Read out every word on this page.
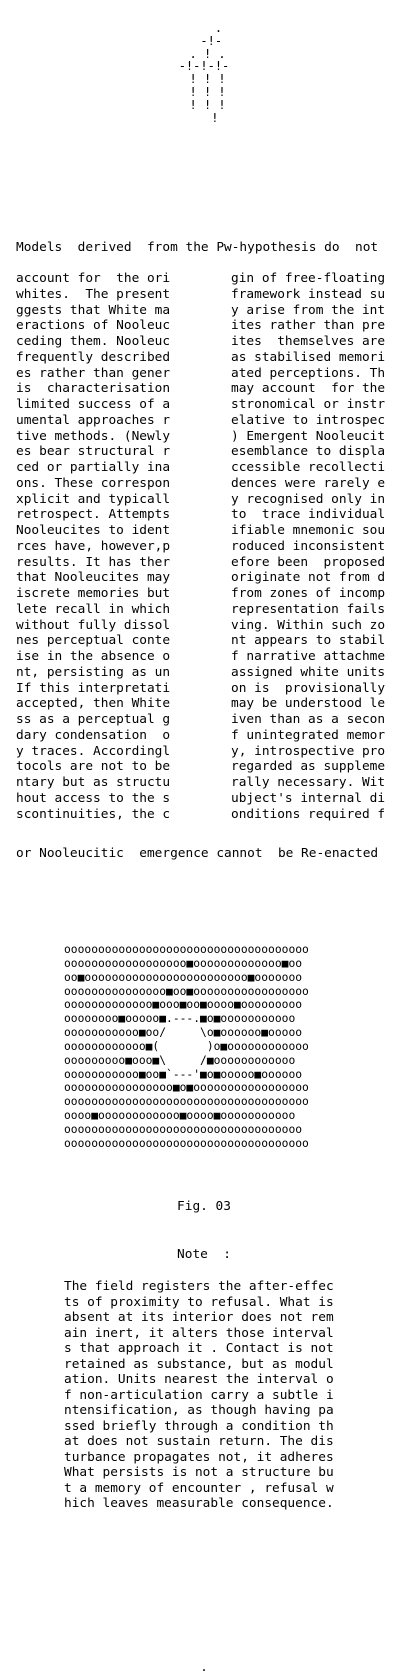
.
-!-
. ! .
-!-!-!-
! ! !
! ! !
! ! !
!
Models  derived  from the Pw-hypothesis do  not
account for  the ori
whites.  The present
ggests that White ma
eractions of Nooleuc
ceding them. Nooleuc
frequently described
es rather than gener
is  characterisation
limited success of a
umental approaches r
tive methods. (Newly
es bear structural r
ced or partially ina
ons. These correspon
xplicit and typicall
retrospect. Attempts
Nooleucites to ident
rces have, however,p
results. It has ther
that Nooleucites may
iscrete memories but
lete recall in which
without fully dissol
nes perceptual conte
ise in the absence o
nt, persisting as un
If this interpretati
accepted, then White
ss as a perceptual g
dary condensation  o
y traces. Accordingl
tocols are not to be
ntary but as structu
hout access to the s
scontinuities, the c
gin of free-floating
framework instead su
y arise from the int
ites rather than pre
ites  themselves are
as stabilised memori
ated perceptions. Th
may account  for the
stronomical or instr
elative to introspec
) Emergent Nooleucit
esemblance to displa
ccessible recollecti
dences were rarely e
y recognised only in
to  trace individual
ifiable mnemonic sou
roduced inconsistent
efore been  proposed
originate not from d
from zones of incomp
representation fails
ving. Within such zo
nt appears to stabil
f narrative attachme
assigned white units
on is  provisionally
may be understood le
iven than as a secon
f unintegrated memor
y, introspective pro
regarded as suppleme
rally necessary. Wit
ubject's internal di
onditions required f
or Nooleucitic  emergence cannot  be Re-enacted
oooooooooooooooooooooooooooooooooooo
oooooooooooooooooo■ooooooooooooo■oo
oo■oooooooooooooooooooooooo■ooooooo
ooooooooooooooo■oo■ooooooooooooooooo
ooooooooooooo■ooo■oo■oooo■ooooooooo
oooooooo■ooooo■.---.■o■ooooooooooo
ooooooooooo■oo/     \o■oooooo■ooooo
oooooooooooo■(       )o■oooooooooooo
ooooooooo■ooo■\     /■oooooooooooo
ooooooooooo■oo■`---'■o■ooooo■oooooo
oooooooooooooooo■o■ooooooooooooooooo
oooooooooooooooooooooooooooooooooooo
oooo■oooooooooooo■oooo■ooooooooooo
ooooooooooooooooooooooooooooooooooo
oooooooooooooooooooooooooooooooooooo
Fig. 03
Note  :
The field registers the after-effec
ts of proximity to refusal. What is
absent at its interior does not rem
ain inert, it alters those interval
s that approach it . Contact is not
retained as substance, but as modul
ation. Units nearest the interval o
f non-articulation carry a subtle i
ntensification, as though having pa
ssed briefly through a condition th
at does not sustain return. The dis
turbance propagates not, it adheres
What persists is not a structure bu
t a memory of encounter , refusal w
hich leaves measurable consequence.
.
